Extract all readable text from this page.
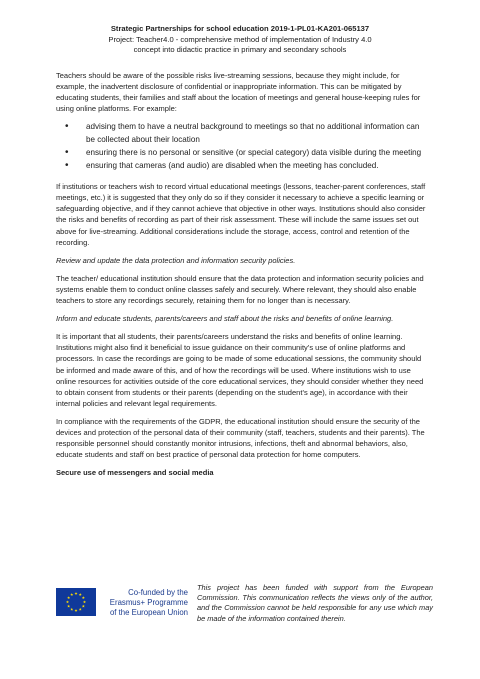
Strategic Partnerships for school education 2019-1-PL01-KA201-065137
Project: Teacher4.0 - comprehensive method of implementation of Industry 4.0
concept into didactic practice in primary and secondary schools

Teachers should be aware of the possible risks live-streaming sessions, because they might include, for example, the inadvertent disclosure of confidential or inappropriate information. This can be mitigated by educating students, their families and staff about the location of meetings and general house-keeping rules for using online platforms. For example:

• advising them to have a neutral background to meetings so that no additional information can be collected about their location
• ensuring there is no personal or sensitive (or special category) data visible during the meeting
• ensuring that cameras (and audio) are disabled when the meeting has concluded.

If institutions or teachers wish to record virtual educational meetings (lessons, teacher-parent conferences, staff meetings, etc.) it is suggested that they only do so if they consider it necessary to achieve a specific learning or safeguarding objective, and if they cannot achieve that objective in other ways. Institutions should also consider the risks and benefits of recording as part of their risk assessment. These will include the same issues set out above for live-streaming. Additional considerations include the storage, access, control and retention of the recording.

Review and update the data protection and information security policies.

The teacher/ educational institution should ensure that the data protection and information security policies and systems enable them to conduct online classes safely and securely. Where relevant, they should also enable teachers to store any recordings securely, retaining them for no longer than is necessary.

Inform and educate students, parents/careers and staff about the risks and benefits of online learning.

It is important that all students, their parents/careers understand the risks and benefits of online learning. Institutions might also find it beneficial to issue guidance on their community’s use of online platforms and processors. In case the recordings are going to be made of some educational sessions, the community should be informed and made aware of this, and of how the recordings will be used. Where institutions wish to use online resources for activities outside of the core educational services, they should consider whether they need to obtain consent from students or their parents (depending on the student’s age), in accordance with their internal policies and relevant legal requirements.

In compliance with the requirements of the GDPR, the educational institution should ensure the security of the devices and protection of the personal data of their community (staff, teachers, students and their parents). The responsible personnel should constantly monitor intrusions, infections, theft and abnormal behaviors, also, educate students and staff on best practice of personal data protection for home computers.

Secure use of messengers and social media

Co-funded by the
Erasmus+ Programme
of the European Union
This project has been funded with support from the European Commission. This communication reflects the views only of the author, and the Commission cannot be held responsible for any use which may be made of the information contained therein.
